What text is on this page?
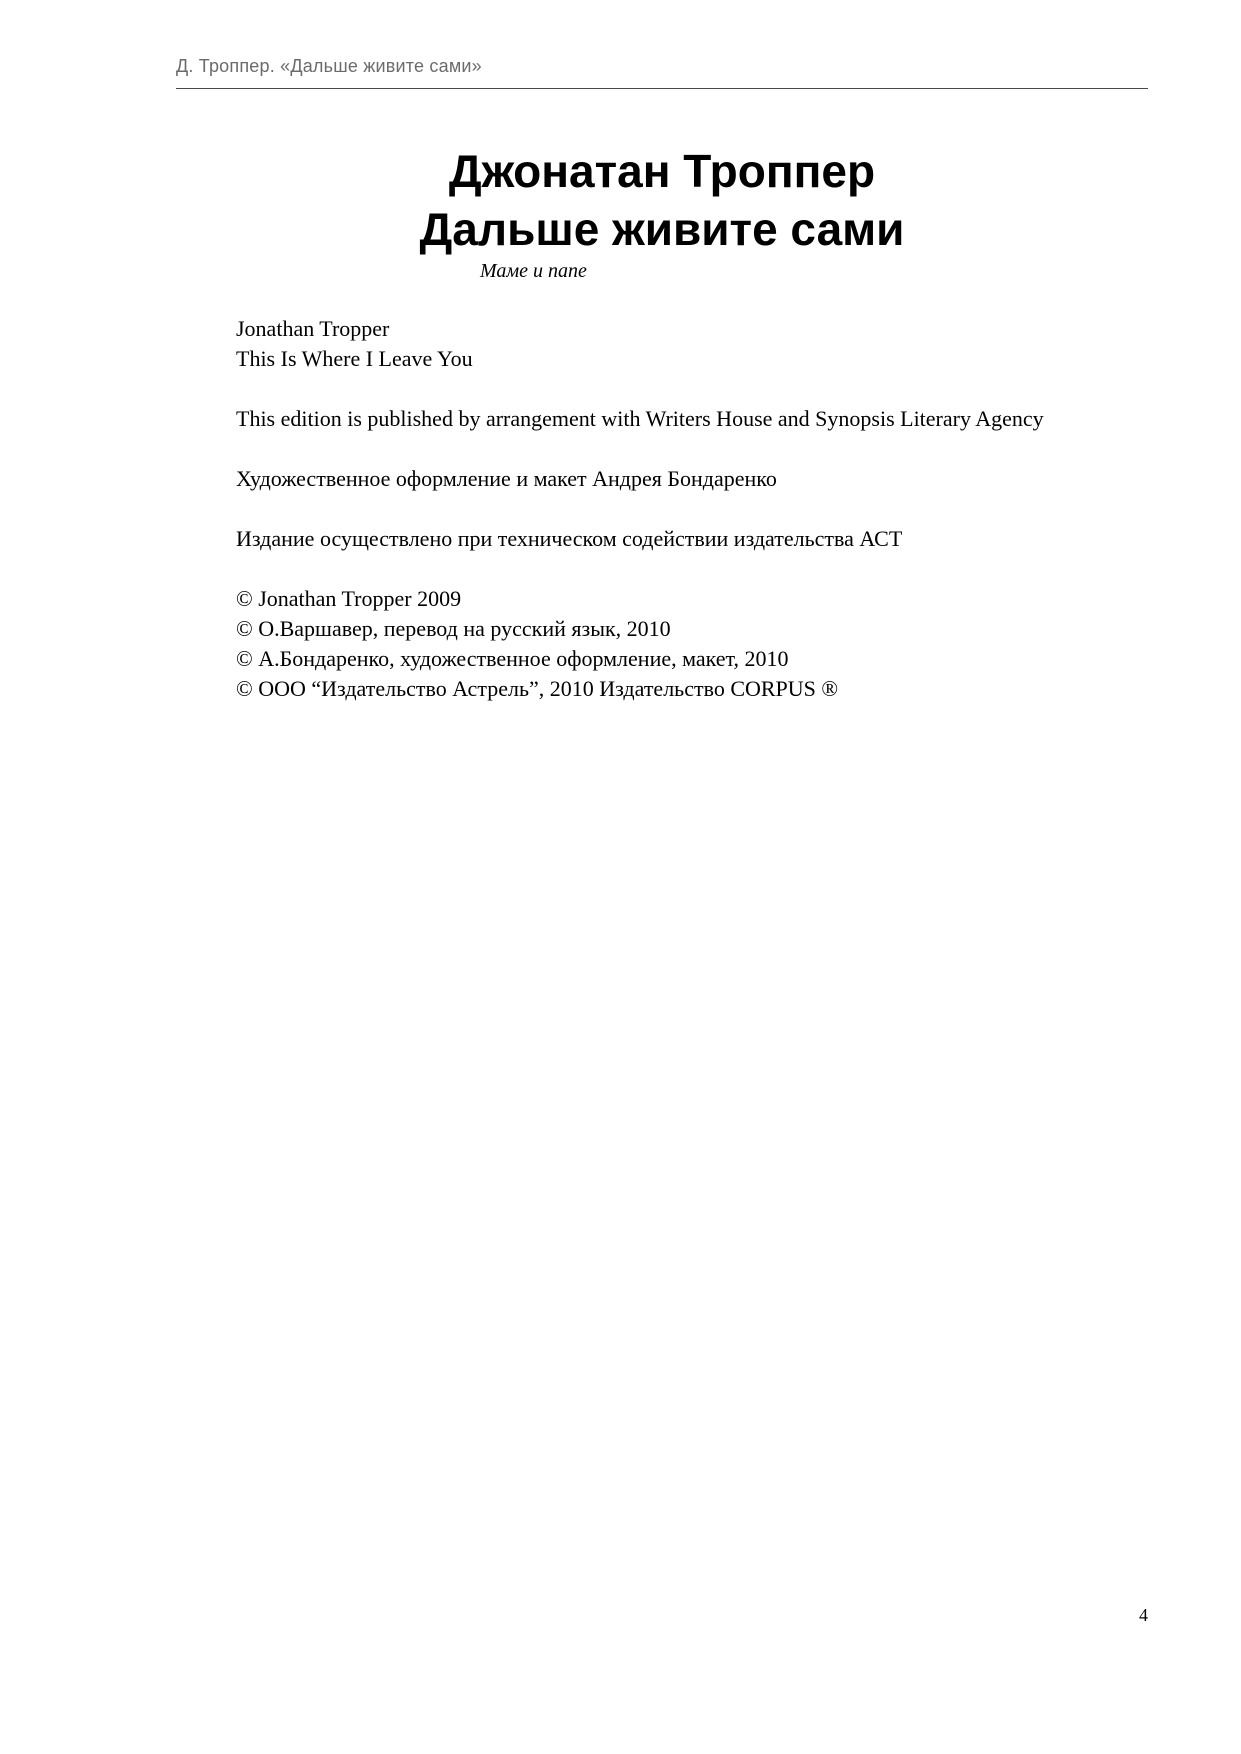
Д. Троппер. «Дальше живите сами»
Джонатан Троппер
Дальше живите сами
Маме и папе
Jonathan Tropper
This Is Where I Leave You
This edition is published by arrangement with Writers House and Synopsis Literary Agency
Художественное оформление и макет Андрея Бондаренко
Издание осуществлено при техническом содействии издательства АСТ
© Jonathan Tropper 2009
© О.Варшавер, перевод на русский язык, 2010
© А.Бондаренко, художественное оформление, макет, 2010
© ООО “Издательство Астрель”, 2010 Издательство CORPUS ®
4
